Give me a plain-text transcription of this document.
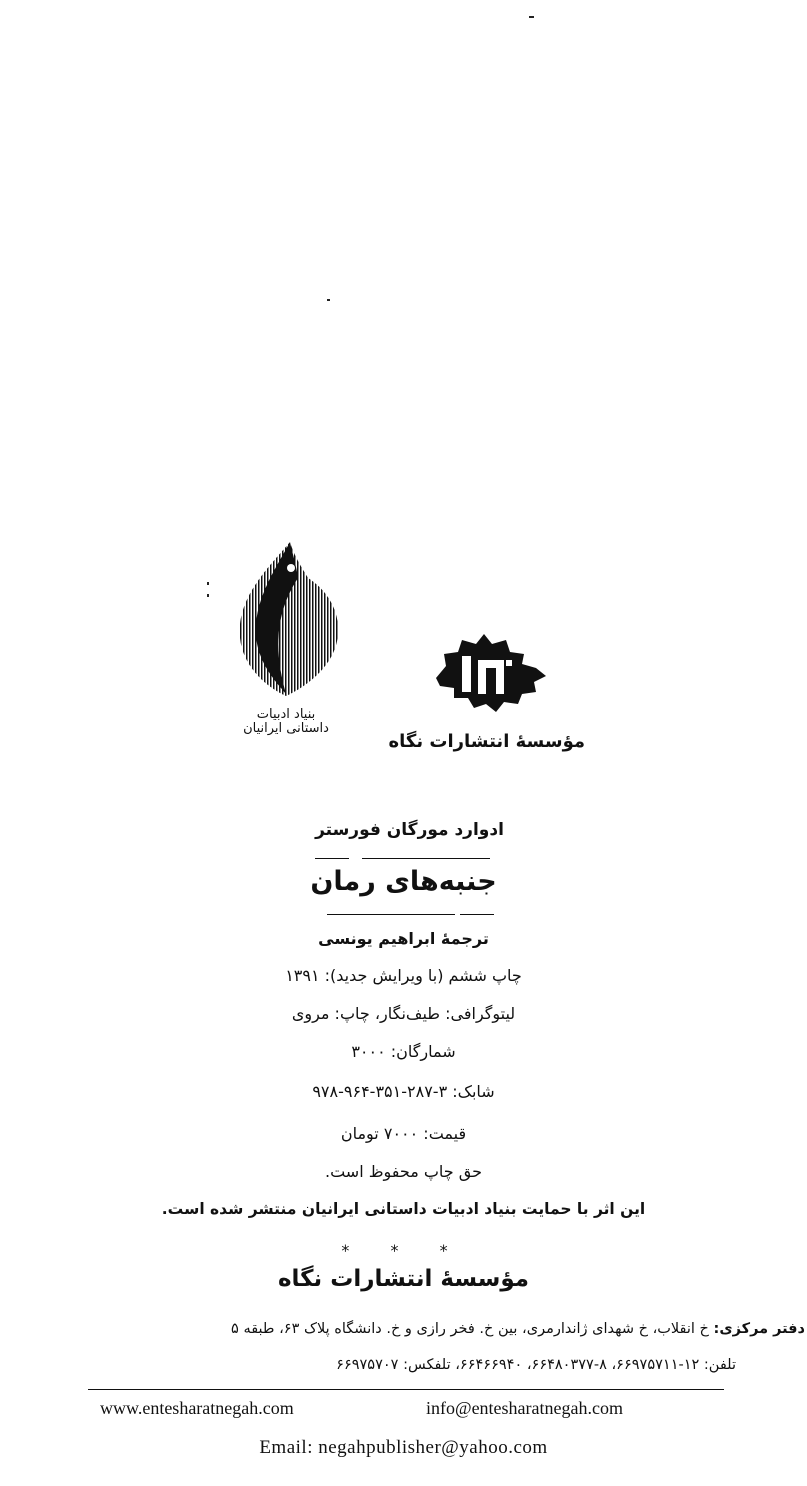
بنیاد ادبیات
داستانی ایرانیان
مؤسسهٔ انتشارات نگاه
ادوارد مورگان فورستر
جنبه‌های رمان
ترجمهٔ ابراهیم یونسی
چاپ ششم (با ویرایش جدید): ۱۳۹۱
لیتوگرافی: طیف‌نگار، چاپ: مروی
شمارگان: ۳۰۰۰
شابک: ۳-۲۸۷-۳۵۱-۹۶۴-۹۷۸
قیمت: ۷۰۰۰ تومان
حق چاپ محفوظ است.
این اثر با حمایت بنیاد ادبیات داستانی ایرانیان منتشر شده است.
* * *
مؤسسهٔ انتشارات نگاه
دفتر مرکزی: خ انقلاب، خ شهدای ژاندارمری، بین خ. فخر رازی و خ. دانشگاه پلاک ۶۳، طبقه ۵
تلفن: ۱۲-۶۶۹۷۵۷۱۱، ۸-۶۶۴۸۰۳۷۷، ۶۶۴۶۶۹۴۰، تلفکس: ۶۶۹۷۵۷۰۷
www.entesharatnegah.com	info@entesharatnegah.com
Email: negahpublisher@yahoo.com
